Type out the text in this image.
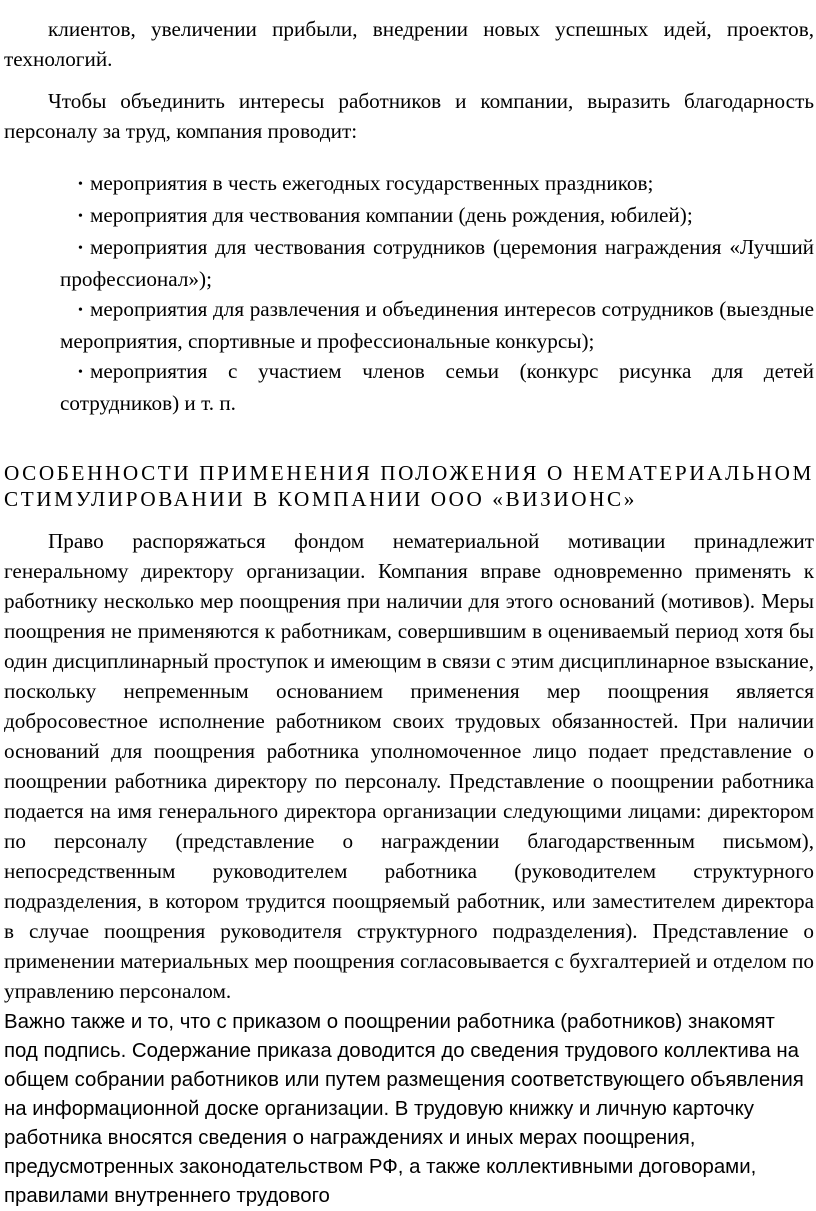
клиентов, увеличении прибыли, внедрении новых успешных идей, проектов, технологий.

Чтобы объединить интересы работников и компании, выразить благодарность персоналу за труд, компания проводит:

• мероприятия в честь ежегодных государственных праздников;
• мероприятия для чествования компании (день рождения, юбилей);
• мероприятия для чествования сотрудников (церемония награждения «Лучший профессионал»);
• мероприятия для развлечения и объединения интересов сотрудников (выездные мероприятия, спортивные и профессиональные конкурсы);
• мероприятия с участием членов семьи (конкурс рисунка для детей сотрудников) и т. п.
ОСОБЕННОСТИ ПРИМЕНЕНИЯ ПОЛОЖЕНИЯ О НЕМАТЕРИАЛЬНОМ СТИМУЛИРОВАНИИ В КОМПАНИИ ООО «ВИЗИОНС»

Право распоряжаться фондом нематериальной мотивации принадлежит генеральному директору организации. Компания вправе одновременно применять к работнику несколько мер поощрения при наличии для этого оснований (мотивов). Меры поощрения не применяются к работникам, совершившим в оцениваемый период хотя бы один дисциплинарный проступок и имеющим в связи с этим дисциплинарное взыскание, поскольку непременным основанием применения мер поощрения является добросовестное исполнение работником своих трудовых обязанностей. При наличии оснований для поощрения работника уполномоченное лицо подает представление о поощрении работника директору по персоналу. Представление о поощрении работника подается на имя генерального директора организации следующими лицами: директором по персоналу (представление о награждении благодарственным письмом), непосредственным руководителем работника (руководителем структурного подразделения, в котором трудится поощряемый работник, или заместителем директора в случае поощрения руководителя структурного подразделения). Представление о применении материальных мер поощрения согласовывается с бухгалтерией и отделом по управлению персоналом.

Важно также и то, что с приказом о поощрении работника (работников) знакомят под подпись. Содержание приказа доводится до сведения трудового коллектива на общем собрании работников или путем размещения соответствующего объявления на информационной доске организации. В трудовую книжку и личную карточку работника вносятся сведения о награждениях и иных мерах поощрения, предусмотренных законодательством РФ, а также коллективными договорами, правилами внутреннего трудового
